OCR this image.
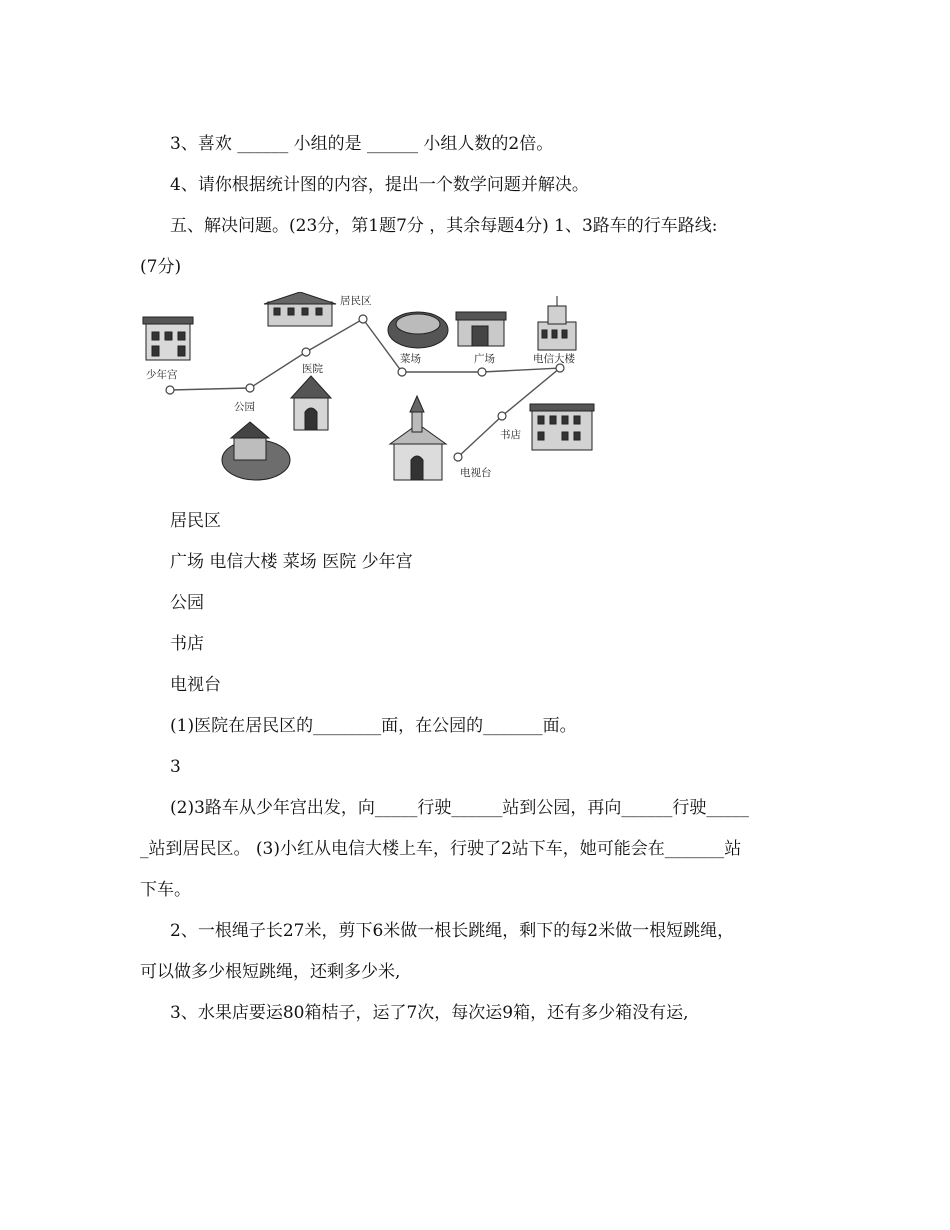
3、喜欢 ______ 小组的是 ______ 小组人数的2倍。
4、请你根据统计图的内容，提出一个数学问题并解决。
五、解决问题。(23分，第1题7分 ，其余每题4分) 1、3路车的行车路线:
(7分)
少年宫
公园
医院
居民区
菜场	广场	电信大楼
书店
电视台
居民区
广场 电信大楼 菜场 医院 少年宫
公园
书店
电视台
(1)医院在居民区的________面，在公园的_______面。
3
(2)3路车从少年宫出发，向_____行驶______站到公园，再向______行驶_____
_站到居民区。 (3)小红从电信大楼上车，行驶了2站下车，她可能会在_______站
下车。
2、一根绳子长27米，剪下6米做一根长跳绳，剩下的每2米做一根短跳绳，
可以做多少根短跳绳，还剩多少米,
3、水果店要运80箱桔子，运了7次，每次运9箱，还有多少箱没有运,
